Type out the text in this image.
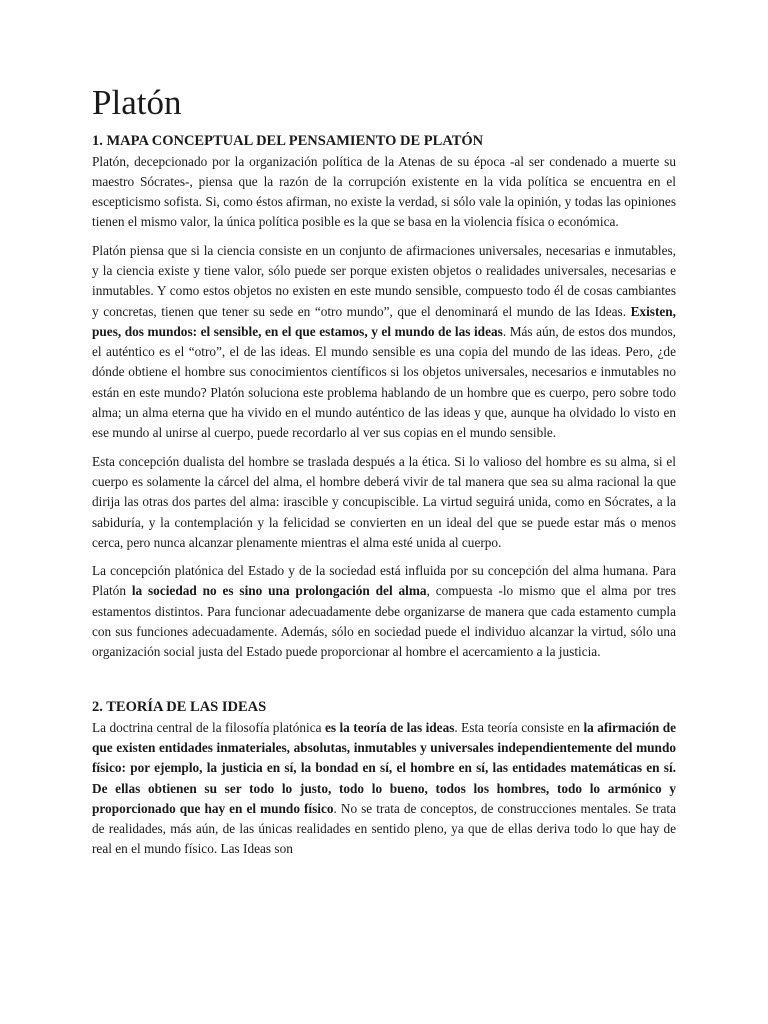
Platón
1. MAPA CONCEPTUAL DEL PENSAMIENTO DE PLATÓN

Platón, decepcionado por la organización política de la Atenas de su época -al ser condenado a muerte su maestro Sócrates-, piensa que la razón de la corrupción existente en la vida política se encuentra en el escepticismo sofista. Si, como éstos afirman, no existe la verdad, si sólo vale la opinión, y todas las opiniones tienen el mismo valor, la única política posible es la que se basa en la violencia física o económica.

Platón piensa que si la ciencia consiste en un conjunto de afirmaciones universales, necesarias e inmutables, y la ciencia existe y tiene valor, sólo puede ser porque existen objetos o realidades universales, necesarias e inmutables. Y como estos objetos no existen en este mundo sensible, compuesto todo él de cosas cambiantes y concretas, tienen que tener su sede en “otro mundo”, que el denominará el mundo de las Ideas. Existen, pues, dos mundos: el sensible, en el que estamos, y el mundo de las ideas. Más aún, de estos dos mundos, el auténtico es el “otro”, el de las ideas. El mundo sensible es una copia del mundo de las ideas. Pero, ¿de dónde obtiene el hombre sus conocimientos científicos si los objetos universales, necesarios e inmutables no están en este mundo? Platón soluciona este problema hablando de un hombre que es cuerpo, pero sobre todo alma; un alma eterna que ha vivido en el mundo auténtico de las ideas y que, aunque ha olvidado lo visto en ese mundo al unirse al cuerpo, puede recordarlo al ver sus copias en el mundo sensible.

Esta concepción dualista del hombre se traslada después a la ética. Si lo valioso del hombre es su alma, si el cuerpo es solamente la cárcel del alma, el hombre deberá vivir de tal manera que sea su alma racional la que dirija las otras dos partes del alma: irascible y concupiscible. La virtud seguirá unida, como en Sócrates, a la sabiduría, y la contemplación y la felicidad se convierten en un ideal del que se puede estar más o menos cerca, pero nunca alcanzar plenamente mientras el alma esté unida al cuerpo.

La concepción platónica del Estado y de la sociedad está influida por su concepción del alma humana. Para Platón la sociedad no es sino una prolongación del alma, compuesta -lo mismo que el alma por tres estamentos distintos. Para funcionar adecuadamente debe organizarse de manera que cada estamento cumpla con sus funciones adecuadamente. Además, sólo en sociedad puede el individuo alcanzar la virtud, sólo una organización social justa del Estado puede proporcionar al hombre el acercamiento a la justicia.

2. TEORÍA DE LAS IDEAS

La doctrina central de la filosofía platónica es la teoría de las ideas. Esta teoría consiste en la afirmación de que existen entidades inmateriales, absolutas, inmutables y universales independientemente del mundo físico: por ejemplo, la justicia en sí, la bondad en sí, el hombre en sí, las entidades matemáticas en sí. De ellas obtienen su ser todo lo justo, todo lo bueno, todos los hombres, todo lo armónico y proporcionado que hay en el mundo físico. No se trata de conceptos, de construcciones mentales. Se trata de realidades, más aún, de las únicas realidades en sentido pleno, ya que de ellas deriva todo lo que hay de real en el mundo físico. Las Ideas son
